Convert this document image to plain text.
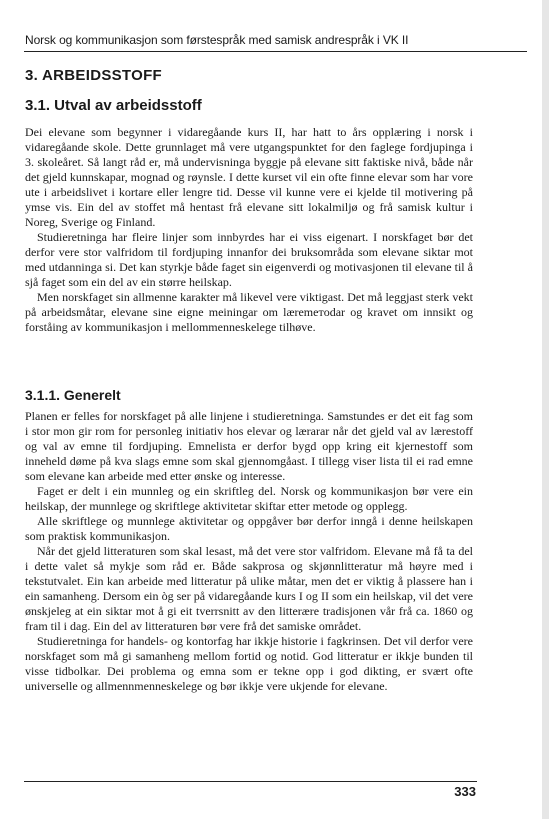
Norsk og kommunikasjon som førstespråk med samisk andrespråk i VK II
3. ARBEIDSSTOFF
3.1. Utval av arbeidsstoff

Dei elevane som begynner i vidaregåande kurs II, har hatt to års opplæring i norsk i vidaregåande skole. Dette grunnlaget må vere utgangspunktet for den faglege fordjupinga i 3. skoleåret. Så langt råd er, må undervisninga byggje på elevane sitt faktiske nivå, både når det gjeld kunnskapar, mognad og røynsle. I dette kurset vil ein ofte finne elevar som har vore ute i arbeidslivet i kortare eller lengre tid. Desse vil kunne vere ei kjelde til motivering på ymse vis. Ein del av stoffet må hentast frå elevane sitt lokalmiljø og frå samisk kultur i Noreg, Sverige og Finland.

Studieretninga har fleire linjer som innbyrdes har ei viss eigenart. I norskfaget bør det derfor vere stor valfridom til fordjuping innanfor dei bruksområda som elevane siktar mot med utdanninga si. Det kan styrkje både faget sin eigenverdi og motivasjonen til elevane til å sjå faget som ein del av ein større heilskap.

Men norskfaget sin allmenne karakter må likevel vere viktigast. Det må leggjast sterk vekt på arbeidsmåtar, elevane sine eigne meiningar om læremeтodar og kravet om innsikt og forståing av kommunikasjon i mellommenneskelege tilhøve.

3.1.1. Generelt

Planen er felles for norskfaget på alle linjene i studieretninga. Samstundes er det eit fag som i stor mon gir rom for personleg initiativ hos elevar og lærarar når det gjeld val av lærestoff og val av emne til fordjuping. Emnelista er derfor bygd opp kring eit kjernestoff som inneheld døme på kva slags emne som skal gjennomgåast. I tillegg viser lista til ei rad emne som elevane kan arbeide med etter ønske og interesse.

Faget er delt i ein munnleg og ein skriftleg del. Norsk og kommunikasjon bør vere ein heilskap, der munnlege og skriftlege aktivitetar skiftar etter metode og opplegg.

Alle skriftlege og munnlege aktivitetar og oppgåver bør derfor inngå i denne heilskapen som praktisk kommunikasjon.

Når det gjeld litteraturen som skal lesast, må det vere stor valfridom. Elevane må få ta del i dette valet så mykje som råd er. Både sakprosa og skjønnlitteratur må høyre med i tekstutvalet. Ein kan arbeide med litteratur på ulike måtar, men det er viktig å plassere han i ein samanheng. Dersom ein òg ser på vidaregåande kurs I og II som ein heilskap, vil det vere ønskjeleg at ein siktar mot å gi eit tverrsnitt av den litterære tradisjonen vår frå ca. 1860 og fram til i dag. Ein del av litteraturen bør vere frå det samiske området.

Studieretninga for handels- og kontorfag har ikkje historie i fagkrinsen. Det vil derfor vere norskfaget som må gi samanheng mellom fortid og notid. God litteratur er ikkje bunden til visse tidbolkar. Dei problema og emna som er tekne opp i god dikting, er svært ofte universelle og allmennmenneskelege og bør ikkje vere ukjende for elevane.

333
